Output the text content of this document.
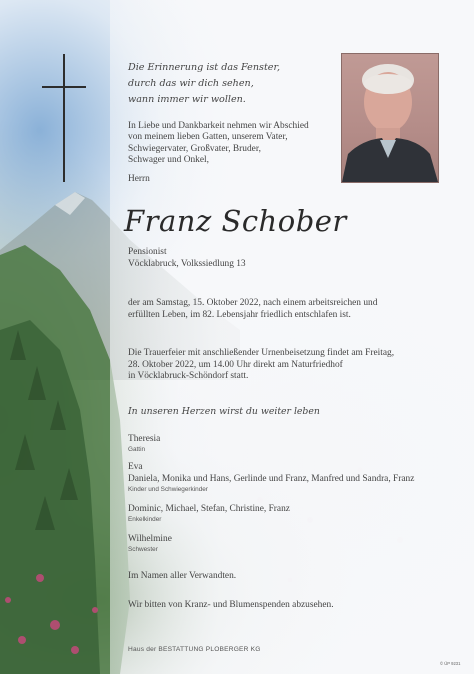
Die Erinnerung ist das Fenster,
durch das wir dich sehen,
wann immer wir wollen.
In Liebe und Dankbarkeit nehmen wir Abschied
von meinem lieben Gatten, unserem Vater,
Schwiegervater, Großvater, Bruder,
Schwager und Onkel,
Herrn
Franz Schober
Pensionist
Vöcklabruck, Volkssiedlung 13
der am Samstag, 15. Oktober 2022, nach einem arbeitsreichen und
erfüllten Leben, im 82. Lebensjahr friedlich entschlafen ist.
Die Trauerfeier mit anschließender Urnenbeisetzung findet am Freitag,
28. Oktober 2022, um 14.00 Uhr direkt am Naturfriedhof
in Vöcklabruck-Schöndorf statt.
In unseren Herzen wirst du weiter leben
Theresia
Gattin
Eva
Daniela, Monika und Hans, Gerlinde und Franz, Manfred und Sandra, Franz
Kinder und Schwiegerkinder
Dominic, Michael, Stefan, Christine, Franz
Enkelkinder
Wilhelmine
Schwester
Im Namen aller Verwandten.
Wir bitten von Kranz- und Blumenspenden abzusehen.
Haus der BESTATTUNG PLOBERGER KG
© ÜP 9231
